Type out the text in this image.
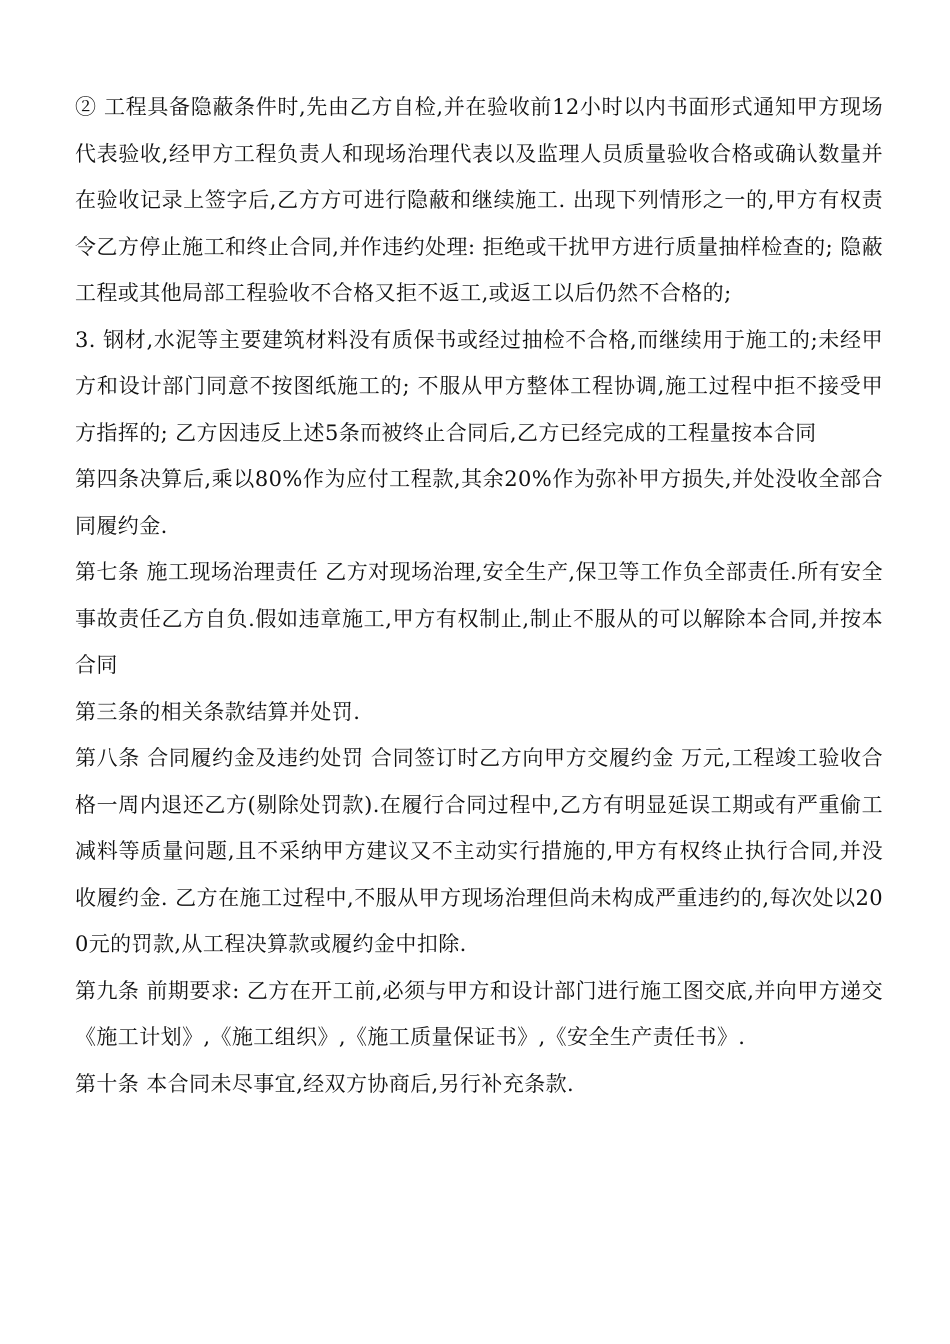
② 工程具备隐蔽条件时,先由乙方自检,并在验收前12小时以内书面形式通知甲方现场代表验收,经甲方工程负责人和现场治理代表以及监理人员质量验收合格或确认数量并在验收记录上签字后,乙方方可进行隐蔽和继续施工. 出现下列情形之一的,甲方有权责令乙方停止施工和终止合同,并作违约处理: 拒绝或干扰甲方进行质量抽样检查的; 隐蔽工程或其他局部工程验收不合格又拒不返工,或返工以后仍然不合格的;

3. 钢材,水泥等主要建筑材料没有质保书或经过抽检不合格,而继续用于施工的;未经甲方和设计部门同意不按图纸施工的; 不服从甲方整体工程协调,施工过程中拒不接受甲方指挥的; 乙方因违反上述5条而被终止合同后,乙方已经完成的工程量按本合同

第四条决算后,乘以80%作为应付工程款,其余20%作为弥补甲方损失,并处没收全部合同履约金.

第七条 施工现场治理责任 乙方对现场治理,安全生产,保卫等工作负全部责任.所有安全事故责任乙方自负.假如违章施工,甲方有权制止,制止不服从的可以解除本合同,并按本合同

第三条的相关条款结算并处罚.

第八条 合同履约金及违约处罚 合同签订时乙方向甲方交履约金 万元,工程竣工验收合格一周内退还乙方(剔除处罚款).在履行合同过程中,乙方有明显延误工期或有严重偷工减料等质量问题,且不采纳甲方建议又不主动实行措施的,甲方有权终止执行合同,并没收履约金. 乙方在施工过程中,不服从甲方现场治理但尚未构成严重违约的,每次处以200元的罚款,从工程决算款或履约金中扣除.

第九条 前期要求: 乙方在开工前,必须与甲方和设计部门进行施工图交底,并向甲方递交《施工计划》,《施工组织》,《施工质量保证书》,《安全生产责任书》.

第十条 本合同未尽事宜,经双方协商后,另行补充条款.
